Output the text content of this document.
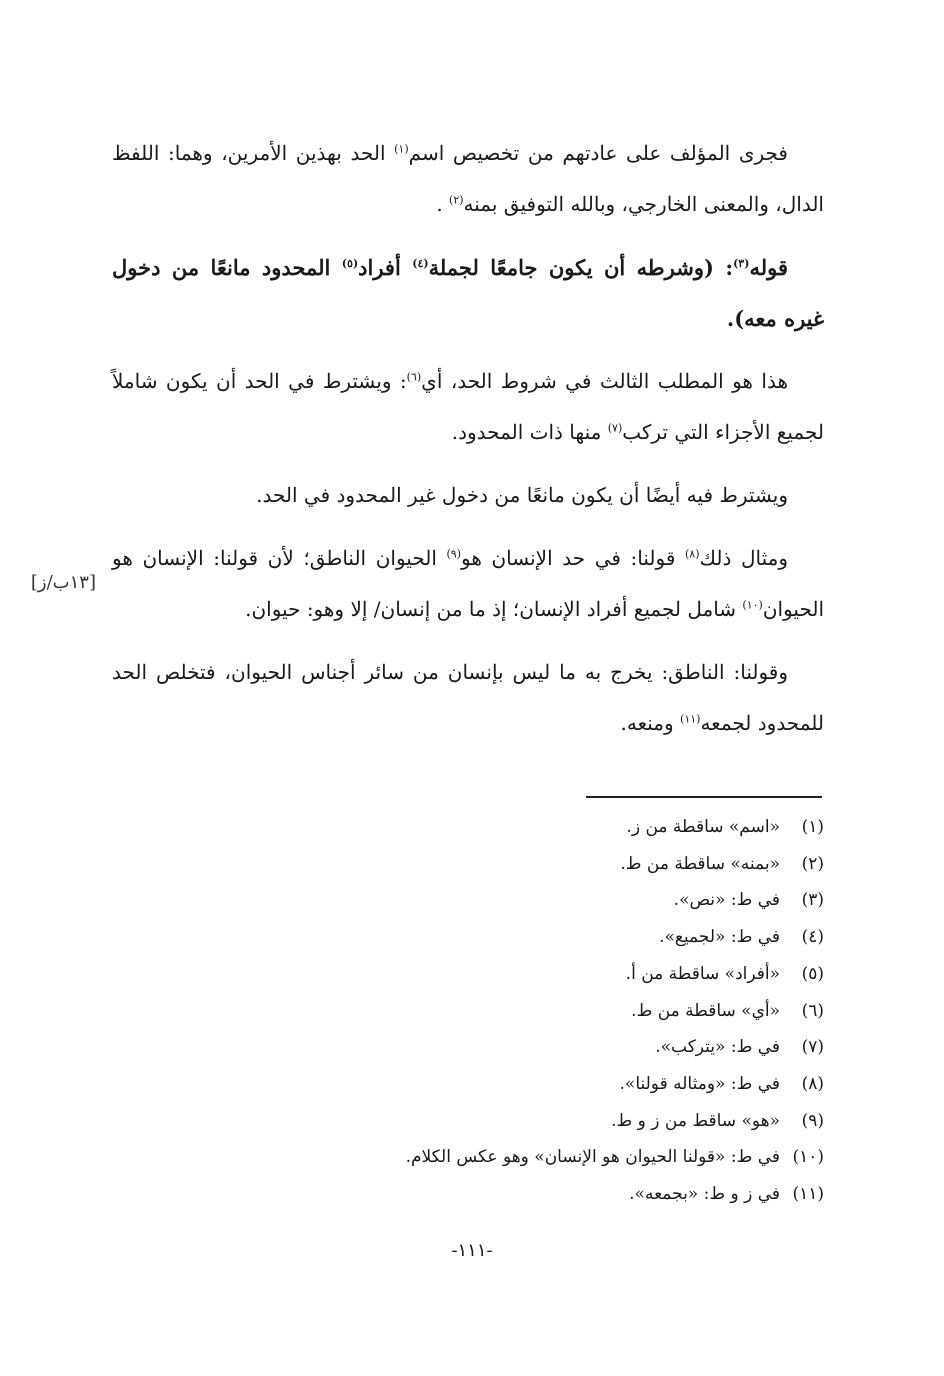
فجرى المؤلف على عادتهم من تخصيص اسم$^{(١)}$ الحد بهذين الأمرين، وهما: اللفظ الدال، والمعنى الخارجي، وبالله التوفيق بمنه$^{(٢)}$ .

قوله$^{(٣)}$: (وشرطه أن يكون جامعًا لجملة$^{(٤)}$ أفراد$^{(٥)}$ المحدود مانعًا من دخول غيره معه).

هذا هو المطلب الثالث في شروط الحد، أي$^{(٦)}$: ويشترط في الحد أن يكون شاملاً لجميع الأجزاء التي تركب$^{(٧)}$ منها ذات المحدود.

ويشترط فيه أيضًا أن يكون مانعًا من دخول غير المحدود في الحد.

ومثال ذلك$^{(٨)}$ قولنا: في حد الإنسان هو$^{(٩)}$ الحيوان الناطق؛ لأن قولنا: الإنسان هو الحيوان$^{(١٠)}$ شامل لجميع أفراد الإنسان؛ إذ ما من إنسان/ إلا وهو: حيوان.

وقولنا: الناطق: يخرج به ما ليس بإنسان من سائر أجناس الحيوان، فتخلص الحد للمحدود لجمعه$^{(١١)}$ ومنعه.

[١٣ب/ز]
(١)«اسم» ساقطة من ز.
(٢)«بمنه» ساقطة من ط.
(٣)في ط: «نص».
(٤)في ط: «لجميع».
(٥)«أفراد» ساقطة من أ.
(٦)«أي» ساقطة من ط.
(٧)في ط: «يتركب».
(٨)في ط: «ومثاله قولنا».
(٩)«هو» ساقط من ز و ط.
(١٠)في ط: «قولنا الحيوان هو الإنسان» وهو عكس الكلام.
(١١)في ز و ط: «بجمعه».
-١١١-
